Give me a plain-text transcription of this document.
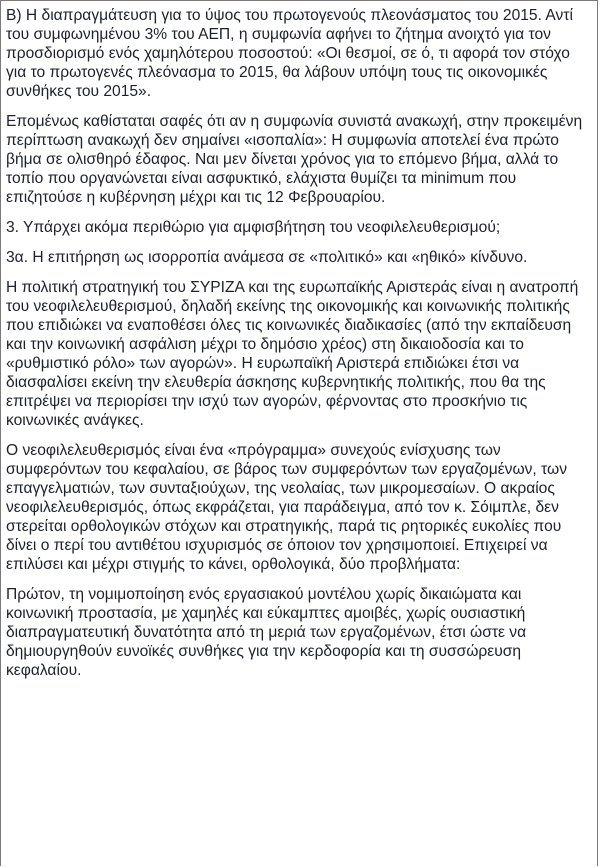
Β) Η διαπραγμάτευση για το ύψος του πρωτογενούς πλεονάσματος του 2015. Αντί του συμφωνημένου 3% του ΑΕΠ, η συμφωνία αφήνει το ζήτημα ανοιχτό για τον προσδιορισμό ενός χαμηλότερου ποσοστού: «Οι θεσμοί, σε ό, τι αφορά τον στόχο για το πρωτογενές πλεόνασμα το 2015, θα λάβουν υπόψη τους τις οικονομικές συνθήκες του 2015».

Επομένως καθίσταται σαφές ότι αν η συμφωνία συνιστά ανακωχή, στην προκειμένη περίπτωση ανακωχή δεν σημαίνει «ισοπαλία»: Η συμφωνία αποτελεί ένα πρώτο βήμα σε ολισθηρό έδαφος. Ναι μεν δίνεται χρόνος για το επόμενο βήμα, αλλά το τοπίο που οργανώνεται είναι ασφυκτικό, ελάχιστα θυμίζει τα minimum που επιζητούσε η κυβέρνηση μέχρι και τις 12 Φεβρουαρίου.

3. Υπάρχει ακόμα περιθώριο για αμφισβήτηση του νεοφιλελευθερισμού;

3α. Η επιτήρηση ως ισορροπία ανάμεσα σε «πολιτικό» και «ηθικό» κίνδυνο.

Η πολιτική στρατηγική του ΣΥΡΙΖΑ και της ευρωπαϊκής Αριστεράς είναι η ανατροπή του νεοφιλελευθερισμού, δηλαδή εκείνης της οικονομικής και κοινωνικής πολιτικής που επιδιώκει να εναποθέσει όλες τις κοινωνικές διαδικασίες (από την εκπαίδευση και την κοινωνική ασφάλιση μέχρι το δημόσιο χρέος) στη δικαιοδοσία και το «ρυθμιστικό ρόλο» των αγορών». Η ευρωπαϊκή Αριστερά επιδιώκει έτσι να διασφαλίσει εκείνη την ελευθερία άσκησης κυβερνητικής πολιτικής, που θα της επιτρέψει να περιορίσει την ισχύ των αγορών, φέρνοντας στο προσκήνιο τις κοινωνικές ανάγκες.

Ο νεοφιλελευθερισμός είναι ένα «πρόγραμμα» συνεχούς ενίσχυσης των συμφερόντων του κεφαλαίου, σε βάρος των συμφερόντων των εργαζομένων, των επαγγελματιών, των συνταξιούχων, της νεολαίας, των μικρομεσαίων. Ο ακραίος νεοφιλελευθερισμός, όπως εκφράζεται, για παράδειγμα, από τον κ. Σόιμπλε, δεν στερείται ορθολογικών στόχων και στρατηγικής, παρά τις ρητορικές ευκολίες που δίνει ο περί του αντιθέτου ισχυρισμός σε όποιον τον χρησιμοποιεί. Επιχειρεί να επιλύσει και μέχρι στιγμής το κάνει, ορθολογικά, δύο προβλήματα:

Πρώτον, τη νομιμοποίηση ενός εργασιακού μοντέλου χωρίς δικαιώματα και κοινωνική προστασία, με χαμηλές και εύκαμπτες αμοιβές, χωρίς ουσιαστική διαπραγματευτική δυνατότητα από τη μεριά των εργαζομένων, έτσι ώστε να δημιουργηθούν ευνοϊκές συνθήκες για την κερδοφορία και τη συσσώρευση κεφαλαίου.
